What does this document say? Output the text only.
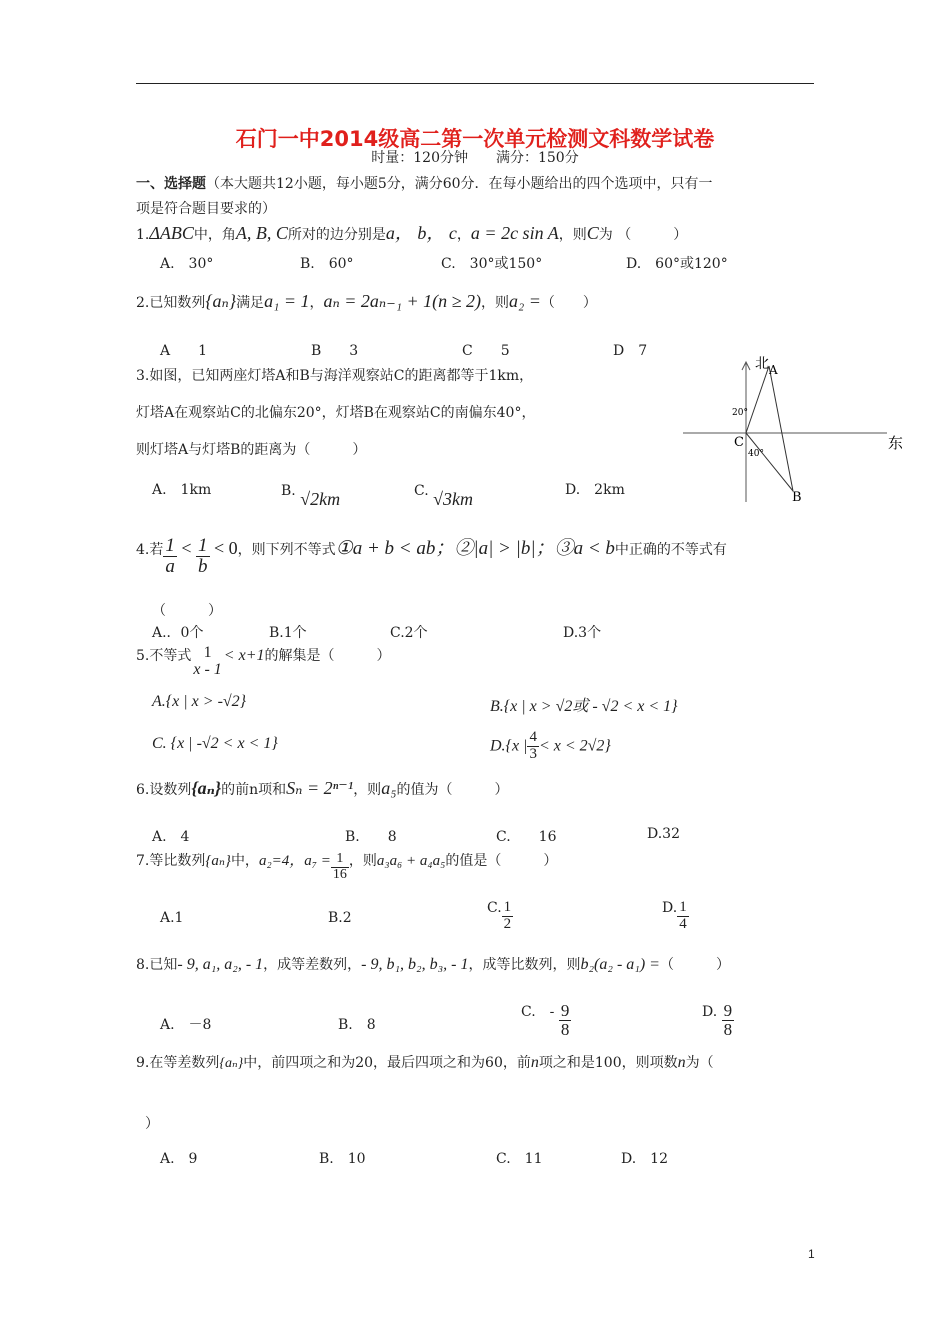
石门一中2014级高二第一次单元检测文科数学试卷
时量：120分钟　　满分：150分
一、选择题（本大题共12小题，每小题5分，满分60分．在每小题给出的四个选项中，只有一
项是符合题目要求的）
1.ΔABC中，角A, B, C所对的边分别是a， b， c，a = 2c sin A，则C为 （　　　）
A.　30°	B.　60°	C.　30°或150°	D.　60°或120°
2.已知数列{aₙ}满足a₁ = 1，aₙ = 2aₙ₋₁ + 1(n ≥ 2)，则a₂ =（　　）
A　　1	B　　3	C　　5	D　7
3.如图，已知两座灯塔A和B与海洋观察站C的距离都等于1km，
灯塔A在观察站C的北偏东20°，灯塔B在观察站C的南偏东40°，
则灯塔A与灯塔B的距离为（　　　）
A.　1km	B. √2km	C. √3km	D.　2km
北 A
20°
C
40°
东
B
4.若 $\frac{1}{a} < \frac{1}{b} < 0$，则下列不等式①a + b < ab；②|a| > |b|；③a < b中正确的不等式有
（　　　）
A.．0个	B.1个	C.2个	D.3个
5.不等式 1
x - 1
< x+1的解集是（　　　）
A.{x | x > -√2}	B.{x | x > √2或 - √2 < x < 1}
C. {x | -√2 < x < 1}	D.{x | $\frac{4}{3} < x < 2√2$}
6.设数列{aₙ}的前n项和Sₙ = 2ⁿ⁻¹，则a₅的值为（　　　）
A.　4	B.　　8	C.　　16	D.32
7.等比数列{aₙ}中，a₂=4，$a_7 = \frac{1}{16}$ ，则a₃a₆ + a₄a₅的值是（　　　）
A.1	B.2
C. $\frac{1}{2}$	D. $\frac{1}{4}$
8.已知- 9, a₁, a₂, - 1，成等差数列，- 9, b₁, b₂, b₃, - 1，成等比数列，则b₂(a₂ - a₁) =（　　　）
A.　－8	B.　8
C.　- $\frac{9}{8}$	D. $\frac{9}{8}$
9.在等差数列{aₙ}中，前四项之和为20，最后四项之和为60，前n项之和是100，则项数n为（
）
A.　9	B.　10	C.　11	D.　12
1
